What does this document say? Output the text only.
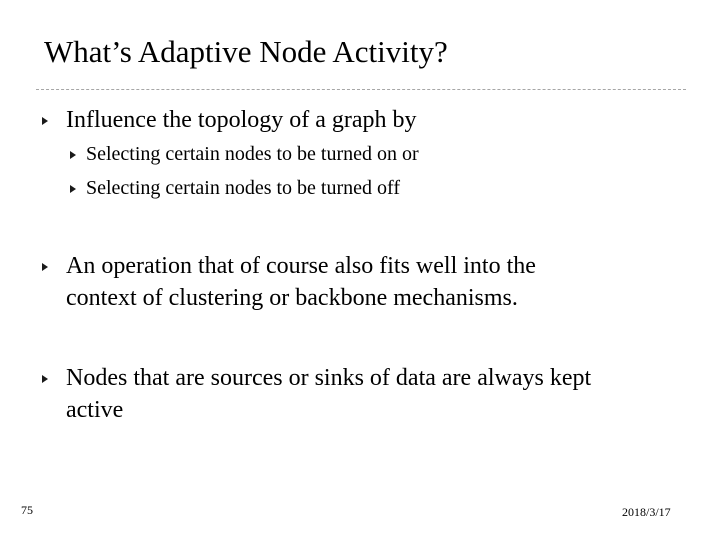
What’s Adaptive Node Activity?
Influence the topology of a graph by
Selecting certain nodes to be turned on or
Selecting certain nodes to be turned off
An operation that of course also fits well into the
context of clustering or backbone mechanisms.
Nodes that are sources or sinks of data are always kept
active
75	2018/3/17
